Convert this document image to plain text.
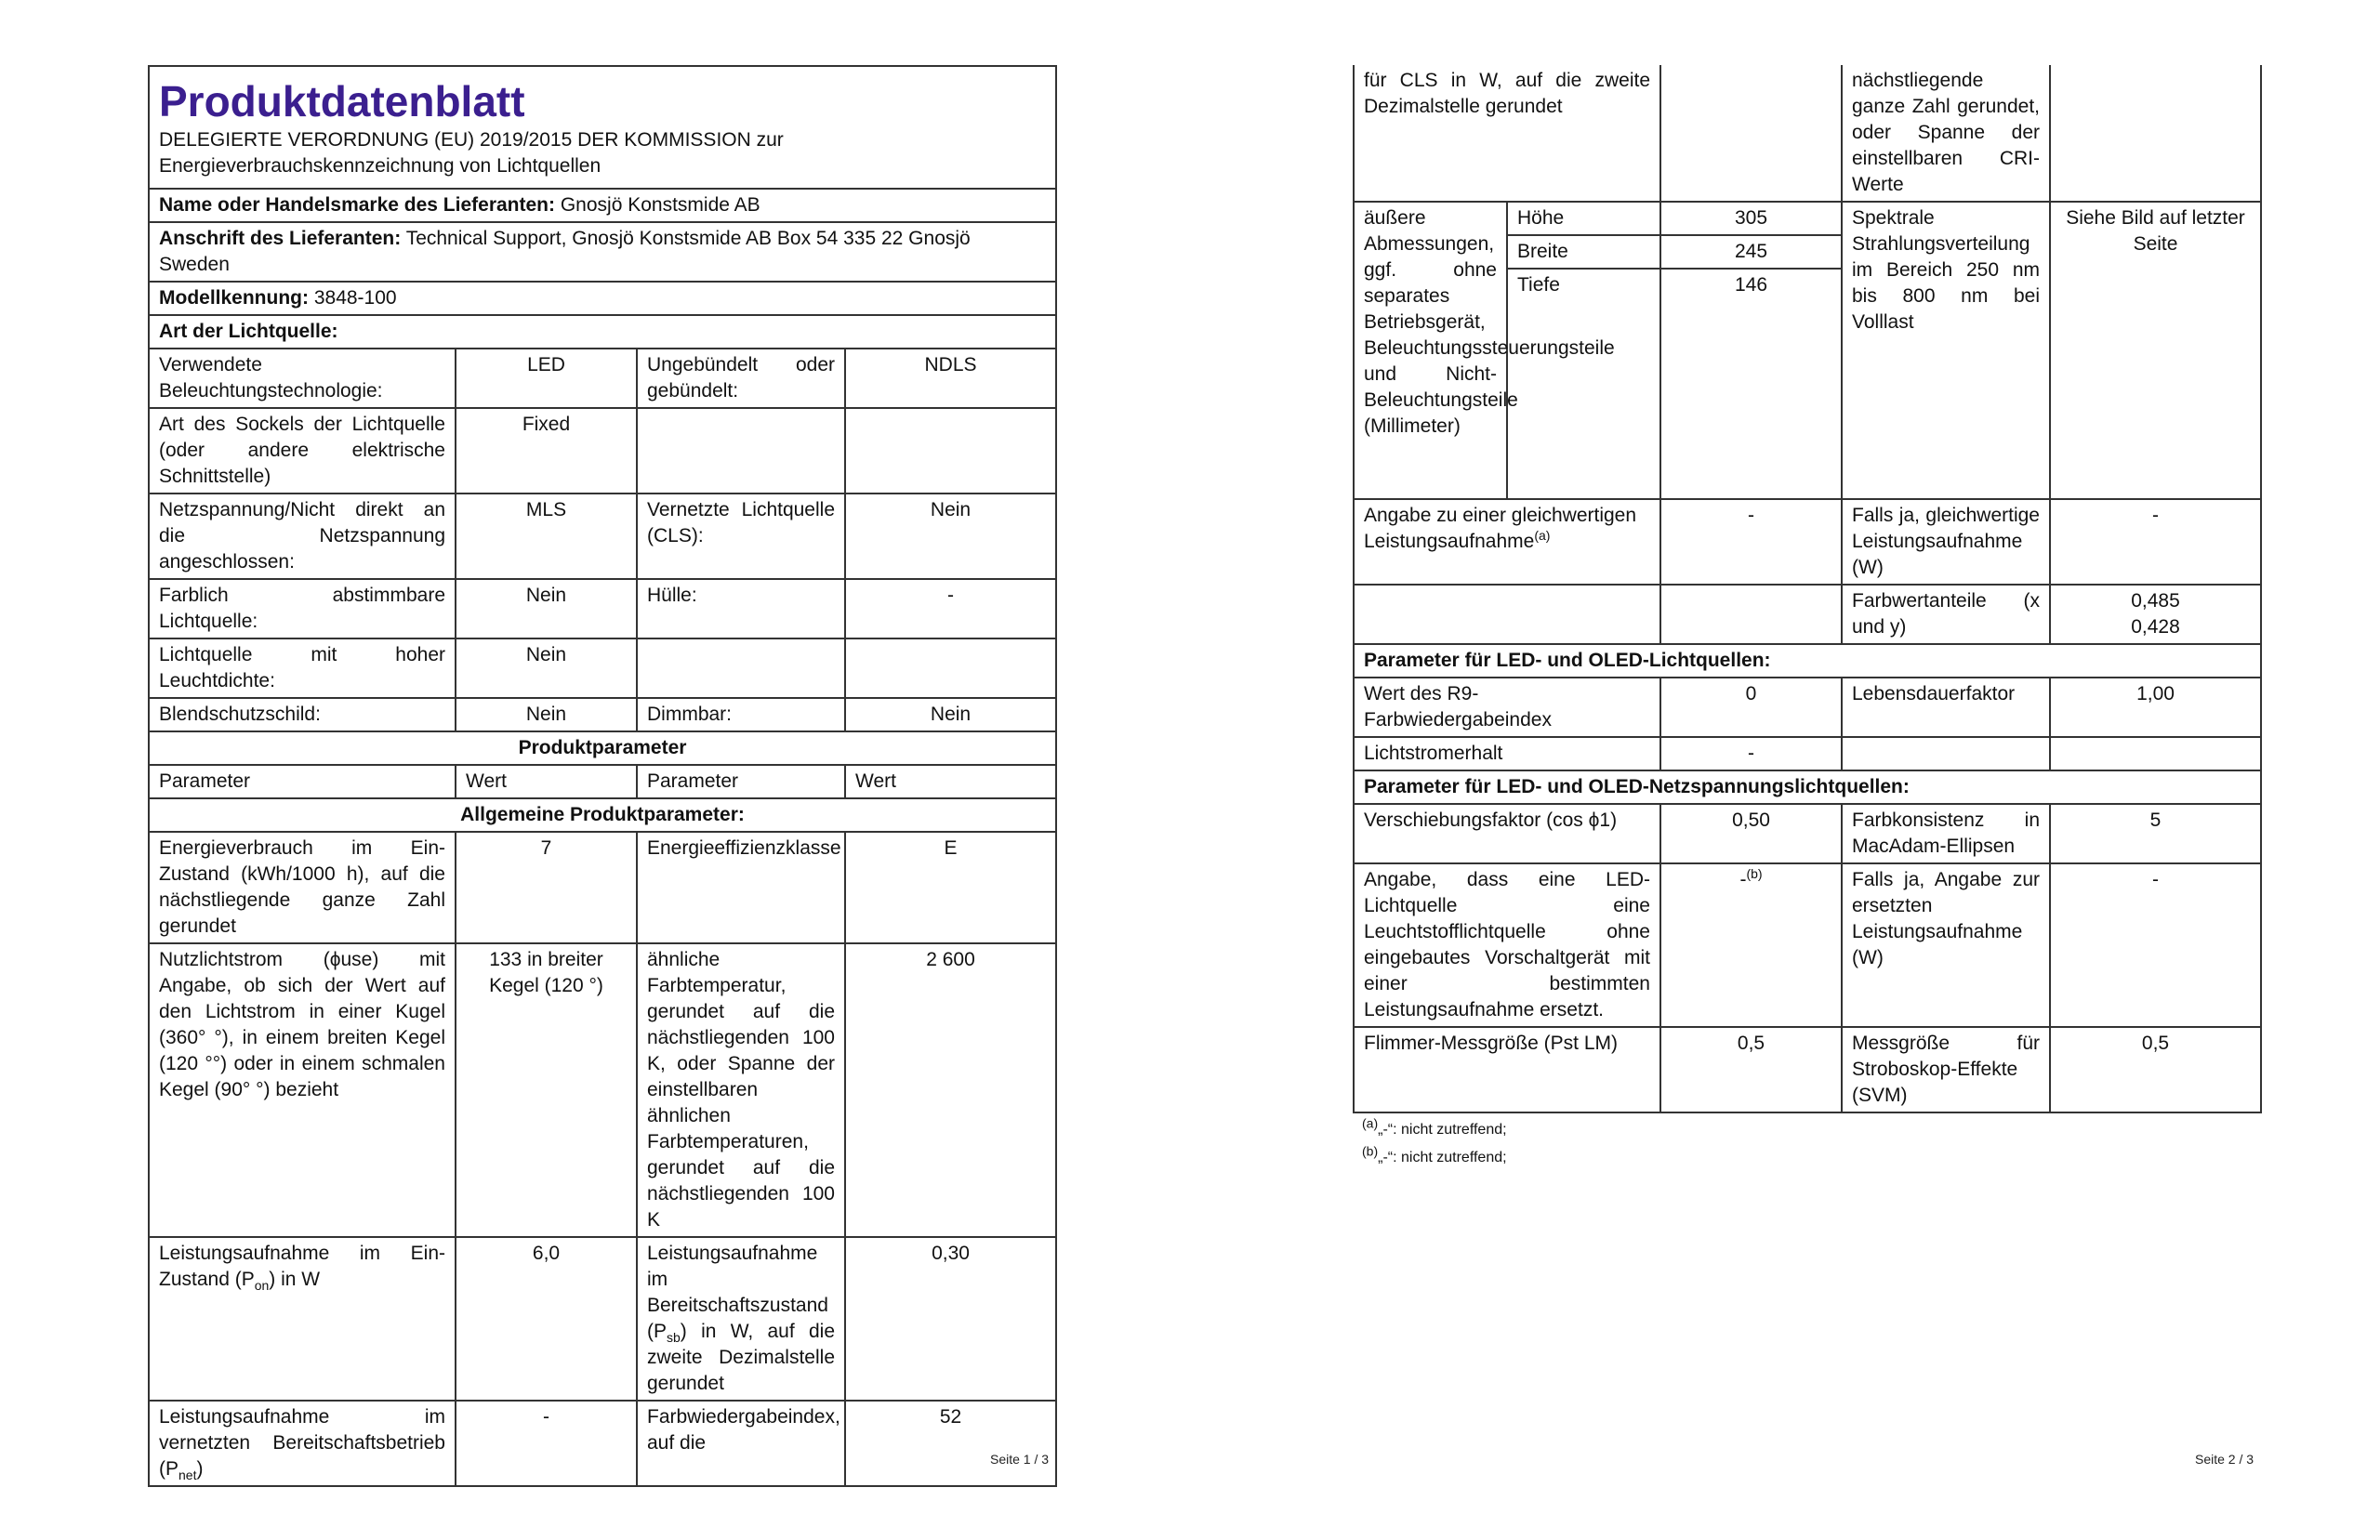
Produktdatenblatt
DELEGIERTE VERORDNUNG (EU) 2019/2015 DER KOMMISSION zur Energieverbrauchskennzeichnung von Lichtquellen			

Name oder Handelsmarke des Lieferanten: Gnosjö Konstsmide AB			
Anschrift des Lieferanten: Technical Support, Gnosjö Konstsmide AB Box 54 335 22 Gnosjö Sweden			
Modellkennung: 3848-100			
Art der Lichtquelle:			
Verwendete Beleuchtungstechnologie:	LED	Ungebündelt oder gebündelt:	NDLS
Art des Sockels der Lichtquelle (oder andere elektrische Schnittstelle)	Fixed		
Netzspannung/Nicht direkt an die Netzspannung angeschlossen:	MLS	Vernetzte Lichtquelle (CLS):	Nein
Farblich abstimmbare Lichtquelle:	Nein	Hülle:	-
Lichtquelle mit hoher Leuchtdichte:	Nein		
Blendschutzschild:	Nein	Dimmbar:	Nein
Produktparameter			
Parameter	Wert	Parameter	Wert
Allgemeine Produktparameter:			
Energieverbrauch im Ein-Zustand (kWh/1000 h), auf die nächstliegende ganze Zahl gerundet	7	Energieeffizienzklasse	E
Nutzlichtstrom (ϕuse) mit Angabe, ob sich der Wert auf den Lichtstrom in einer Kugel (360° °), in einem breiten Kegel (120 °°) oder in einem schmalen Kegel (90° °) bezieht	133 in breiter Kegel (120 °)	ähnliche Farbtemperatur, gerundet auf die nächstliegenden 100 K, oder Spanne der einstellbaren ähnlichen Farbtemperaturen, gerundet auf die nächstliegenden 100 K	2 600
Leistungsaufnahme im Ein-Zustand $(P_{on})$ in W	6,0	Leistungsaufnahme im Bereitschaftszustand $(P_{sb})$ in W, auf die zweite Dezimalstelle gerundet	0,30
Leistungsaufnahme im vernetzten Bereitschaftsbetrieb $(P_{net})$	-	Farbwiedergabeindex, auf die	52
Seite 1 / 3
für CLS in W, auf die zweite Dezimalstelle gerundet			nächstliegende ganze Zahl gerundet, oder Spanne der einstellbaren CRI-Werte	
äußere Abmessungen, ggf. ohne separates Betriebsgerät, Beleuchtungssteuerungsteile und Nicht-Beleuchtungsteile (Millimeter)	Höhe	305	Spektrale Strahlungsverteilung im Bereich 250 nm bis 800 nm bei Volllast	Siehe Bild auf letzter Seite
	Breite	245		
	Tiefe	146		
Angabe zu einer gleichwertigen Leistungsaufnahme$^{(a)}$		-	Falls ja, gleichwertige Leistungsaufnahme (W)	-
			Farbwertanteile (x und y)	0,485
0,428

Parameter für LED- und OLED-Lichtquellen:				
Wert des R9-Farbwiedergabeindex		0	Lebensdauerfaktor	1,00
Lichtstromerhalt		-		
Parameter für LED- und OLED-Netzspannungslichtquellen:				
Verschiebungsfaktor (cos ϕ1)		0,50	Farbkonsistenz in MacAdam-Ellipsen	5
Angabe, dass eine LED-Lichtquelle eine Leuchtstofflichtquelle ohne eingebautes Vorschaltgerät mit einer bestimmten Leistungsaufnahme ersetzt.		-$^{(b)}$	Falls ja, Angabe zur ersetzten Leistungsaufnahme (W)	-
Flimmer-Messgröße (Pst LM)		0,5	Messgröße für Stroboskop-Effekte (SVM)	0,5
$^{(a)}$„-“: nicht zutreffend;
$^{(b)}$„-“: nicht zutreffend;
Seite 2 / 3
